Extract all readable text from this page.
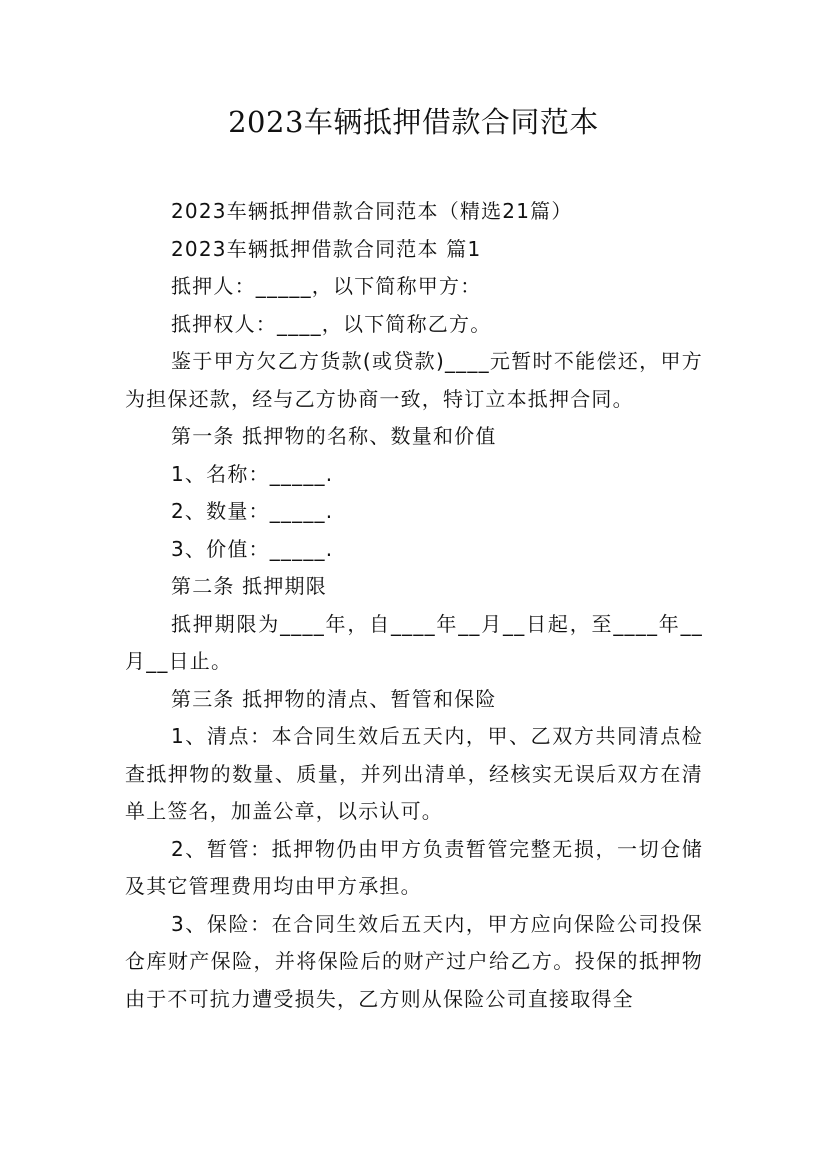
2023车辆抵押借款合同范本

2023车辆抵押借款合同范本（精选21篇）

2023车辆抵押借款合同范本 篇1

抵押人：_____，以下简称甲方：

抵押权人：____，以下简称乙方。

鉴于甲方欠乙方货款(或贷款)____元暂时不能偿还，甲方为担保还款，经与乙方协商一致，特订立本抵押合同。

第一条 抵押物的名称、数量和价值

1、名称：_____.

2、数量：_____.

3、价值：_____.

第二条 抵押期限

抵押期限为____年，自____年__月__日起，至____年__月__日止。

第三条 抵押物的清点、暂管和保险

1、清点：本合同生效后五天内，甲、乙双方共同清点检查抵押物的数量、质量，并列出清单，经核实无误后双方在清单上签名，加盖公章，以示认可。

2、暂管：抵押物仍由甲方负责暂管完整无损，一切仓储及其它管理费用均由甲方承担。

3、保险：在合同生效后五天内，甲方应向保险公司投保仓库财产保险，并将保险后的财产过户给乙方。投保的抵押物由于不可抗力遭受损失，乙方则从保险公司直接取得全
